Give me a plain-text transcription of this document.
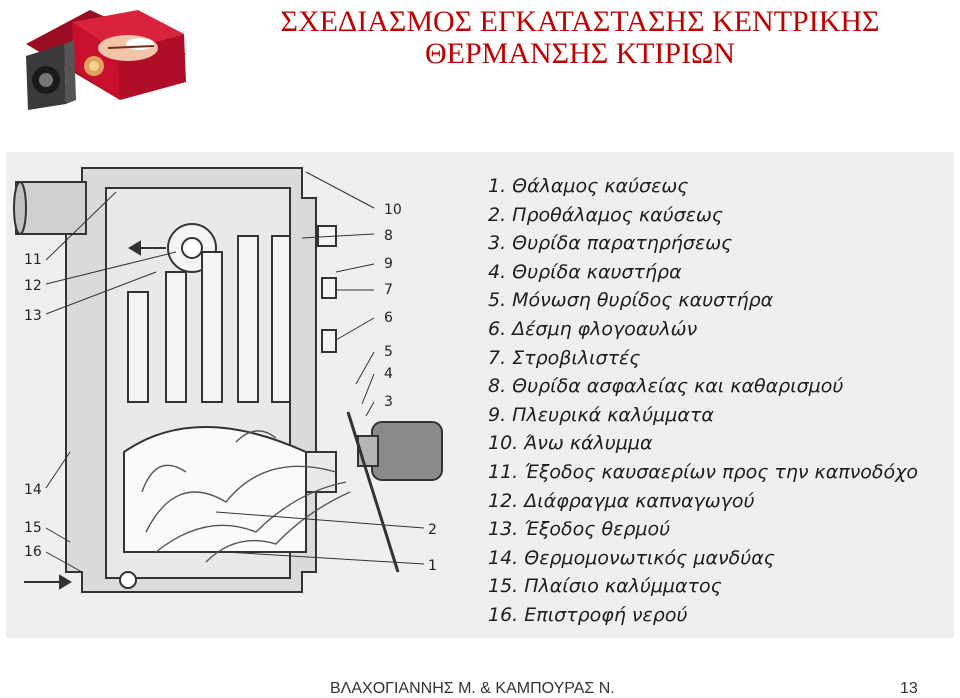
ΣΧΕΔΙΑΣΜΟΣ ΕΓΚΑΤΑΣΤΑΣΗΣ ΚΕΝΤΡΙΚΗΣ
ΘΕΡΜΑΝΣΗΣ ΚΤΙΡΙΩΝ
10
8
9
7
6
5
4
3
2
1
11
12
13
14
15
16
1. Θάλαμος καύσεως
2. Προθάλαμος καύσεως
3. Θυρίδα παρατηρήσεως
4. Θυρίδα καυστήρα
5. Μόνωση θυρίδος καυστήρα
6. Δέσμη φλογοαυλών
7. Στροβιλιστές
8. Θυρίδα ασφαλείας και καθαρισμού
9. Πλευρικά καλύμματα
10. Άνω κάλυμμα
11. Έξοδος καυσαερίων προς την καπνοδόχο
12. Διάφραγμα καπναγωγού
13. Έξοδος θερμού
14. Θερμομονωτικός μανδύας
15. Πλαίσιο καλύμματος
16. Επιστροφή νερού
ΒΛΑΧΟΓΙΑΝΝΗΣ Μ. & ΚΑΜΠΟΥΡΑΣ Ν.	13
